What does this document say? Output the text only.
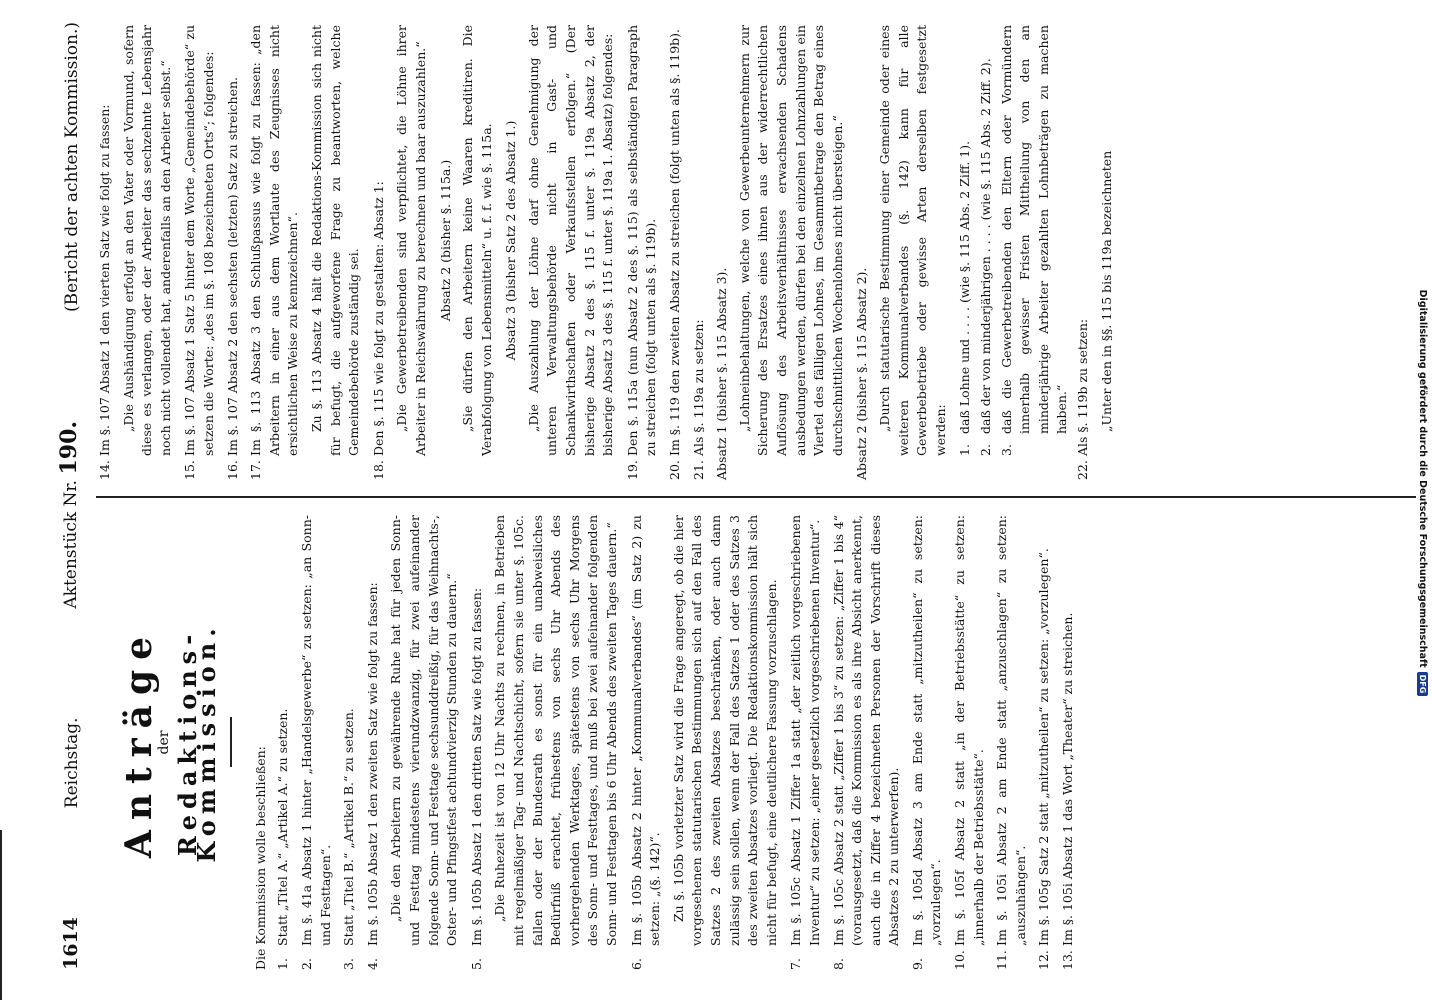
1614
Reichstag.
Aktenstück Nr. 190.
(Bericht der achten Kommission.)
Anträge
der Redaktions-Kommission.	Die Kommission wolle beschließen: 1.
Statt „Titel A.“ „Artikel A.“ zu setzen.
2.
Im §. 41a Absatz 1 hinter „Handelsgewerbe“ zu setzen: „an Sonn- und Festtagen“.
3.
Statt „Titel B.“ „Artikel B.“ zu setzen.
4.
Im §. 105b Absatz 1 den zweiten Satz wie folgt zu fassen: „Die den Arbeitern zu gewährende Ruhe hat für jeden Sonn- und Festtag mindestens vierundzwanzig, für zwei aufeinander folgende Sonn- und Festtage sechsunddreißig, für das Weihnachts-, Oster- und Pfingstfest achtundvierzig Stunden zu dauern.“
5.
Im §. 105b Absatz 1 den dritten Satz wie folgt zu fassen: „Die Ruhezeit ist von 12 Uhr Nachts zu rechnen, in Betrieben mit regelmäßiger Tag- und Nachtschicht, sofern sie unter §. 105c. fallen oder der Bundesrath es sonst für ein unabweisliches Bedürfniß erachtet, frühestens von sechs Uhr Abends des vorhergehenden Werktages, spätestens von sechs Uhr Morgens des Sonn- und Festtages, und muß bei zwei aufeinander folgenden Sonn- und Festtagen bis 6 Uhr Abends des zweiten Tages dauern.“
6.
Im §. 105b Absatz 2 hinter „Kommunalverbandes“ (im Satz 2) zu setzen: „(§. 142)“. Zu §. 105b vorletzter Satz wird die Frage angeregt, ob die hier vorgesehenen statutarischen Bestimmungen sich auf den Fall des Satzes 2 des zweiten Absatzes beschränken, oder auch dann zulässig sein sollen, wenn der Fall des Satzes 1 oder des Satzes 3 des zweiten Absatzes vorliegt. Die Redaktionskommission hält sich nicht für befugt, eine deutlichere Fassung vorzuschlagen.
7.
Im §. 105c Absatz 1 Ziffer 1a statt „der zeitlich vorgeschriebenen Inventur“ zu setzen: „einer gesetzlich vorgeschriebenen Inventur“.
8.
Im §. 105c Absatz 2 statt „Ziffer 1 bis 3“ zu setzen: „Ziffer 1 bis 4“ (vorausgesetzt, daß die Kommission es als ihre Absicht anerkennt, auch die in Ziffer 4 bezeichneten Personen der Vorschrift dieses Absatzes 2 zu unterwerfen).
9.
Im §. 105d Absatz 3 am Ende statt „mitzutheilen“ zu setzen: „vorzulegen“.
10.
Im §. 105f Absatz 2 statt „in der Betriebsstätte“ zu setzen: „innerhalb der Betriebsstätte“.
11.
Im §. 105i Absatz 2 am Ende statt „anzuschlagen“ zu setzen: „auszuhängen“.
12.
Im §. 105g Satz 2 statt „mitzutheilen“ zu setzen: „vorzulegen“.
13.
Im §. 105i Absatz 1 das Wort „Theater“ zu streichen.
14.
Im §. 107 Absatz 1 den vierten Satz wie folgt zu fassen: „Die Aushändigung erfolgt an den Vater oder Vormund, sofern diese es verlangen, oder der Arbeiter das sechzehnte Lebensjahr noch nicht vollendet hat, anderenfalls an den Arbeiter selbst.“
15.
Im §. 107 Absatz 1 Satz 5 hinter dem Worte „Gemeindebehörde“ zu setzen die Worte: „des im §. 108 bezeichneten Orts“; folgendes:
16.
Im §. 107 Absatz 2 den sechsten (letzten) Satz zu streichen.
17.
Im §. 113 Absatz 3 den Schlußpassus wie folgt zu fassen: „den Arbeitern in einer aus dem Wortlaute des Zeugnisses nicht ersichtlichen Weise zu kennzeichnen“. Zu §. 113 Absatz 4 hält die Redaktions-Kommission sich nicht für befugt, die aufgeworfene Frage zu beantworten, welche Gemeindebehörde zuständig sei.
18.
Den §. 115 wie folgt zu gestalten: Absatz 1: „Die Gewerbetreibenden sind verpflichtet, die Löhne ihrer Arbeiter in Reichswährung zu berechnen und baar auszuzahlen.“ Absatz 2 (bisher §. 115a.) „Sie dürfen den Arbeitern keine Waaren kreditiren. Die Verabfolgung von Lebensmitteln“ u. f. f. wie §. 115a. Absatz 3 (bisher Satz 2 des Absatz 1.) „Die Auszahlung der Löhne darf ohne Genehmigung der unteren Verwaltungsbehörde nicht in Gast- und Schankwirthschaften oder Verkaufsstellen erfolgen.“ (Der bisherige Absatz 2 des §. 115 f. unter §. 119a Absatz 2, der bisherige Absatz 3 des §. 115 f. unter §. 119a 1. Absatz) folgendes:
19.
Den §. 115a (nun Absatz 2 des §. 115) als selbständigen Paragraph zu streichen (folgt unten als §. 119b).
20.
Im §. 119 den zweiten Absatz zu streichen (folgt unten als §. 119b).
21.
Als §. 119a zu setzen: Absatz 1 (bisher §. 115 Absatz 3). „Lohneinbehaltungen, welche von Gewerbeunternehmern zur Sicherung des Ersatzes eines ihnen aus der widerrechtlichen Auflösung des Arbeitsverhältnisses erwachsenden Schadens ausbedungen werden, dürfen bei den einzelnen Lohnzahlungen ein Viertel des fälligen Lohnes, im Gesammtbetrage den Betrag eines durchschnittlichen Wochenlohnes nicht übersteigen.“ Absatz 2 (bisher §. 115 Absatz 2). „Durch statutarische Bestimmung einer Gemeinde oder eines weiteren Kommunalverbandes (§. 142) kann für alle Gewerbebetriebe oder gewisse Arten derselben festgesetzt werden: 1.
daß Lohne und . . . . (wie §. 115 Abs. 2 Ziff. 1).
2.
daß der von minderjährigen . . . . (wie §. 115 Abs. 2 Ziff. 2).
3.
daß die Gewerbetreibenden den Eltern oder Vormündern innerhalb gewisser Fristen Mittheilung von den an minderjährige Arbeiter gezahlten Lohnbeträgen zu machen haben.“
22.
Als §. 119b zu setzen: „Unter den in §§. 115 bis 119a bezeichneten	Digitalisierung gefördert durch die Deutsche Forschungsgemeinschaft
DFG
